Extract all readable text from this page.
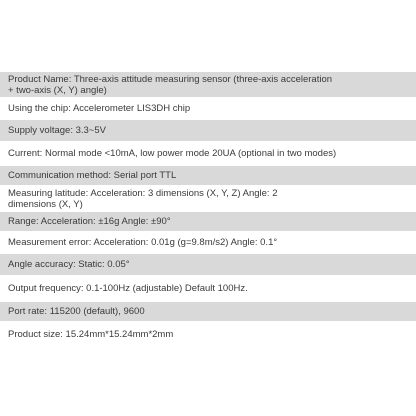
Product Name: Three-axis attitude measuring sensor (three-axis acceleration + two-axis (X, Y) angle)
Using the chip: Accelerometer LIS3DH chip
Supply voltage: 3.3~5V
Current: Normal mode <10mA, low power mode 20UA (optional in two modes)
Communication method: Serial port TTL
Measuring latitude: Acceleration: 3 dimensions (X, Y, Z) Angle: 2 dimensions (X, Y)
Range: Acceleration: ±16g Angle: ±90°
Measurement error: Acceleration: 0.01g (g=9.8m/s2) Angle: 0.1°
Angle accuracy: Static: 0.05°
Output frequency: 0.1-100Hz (adjustable) Default 100Hz.
Port rate: 115200 (default), 9600
Product size: 15.24mm*15.24mm*2mm
